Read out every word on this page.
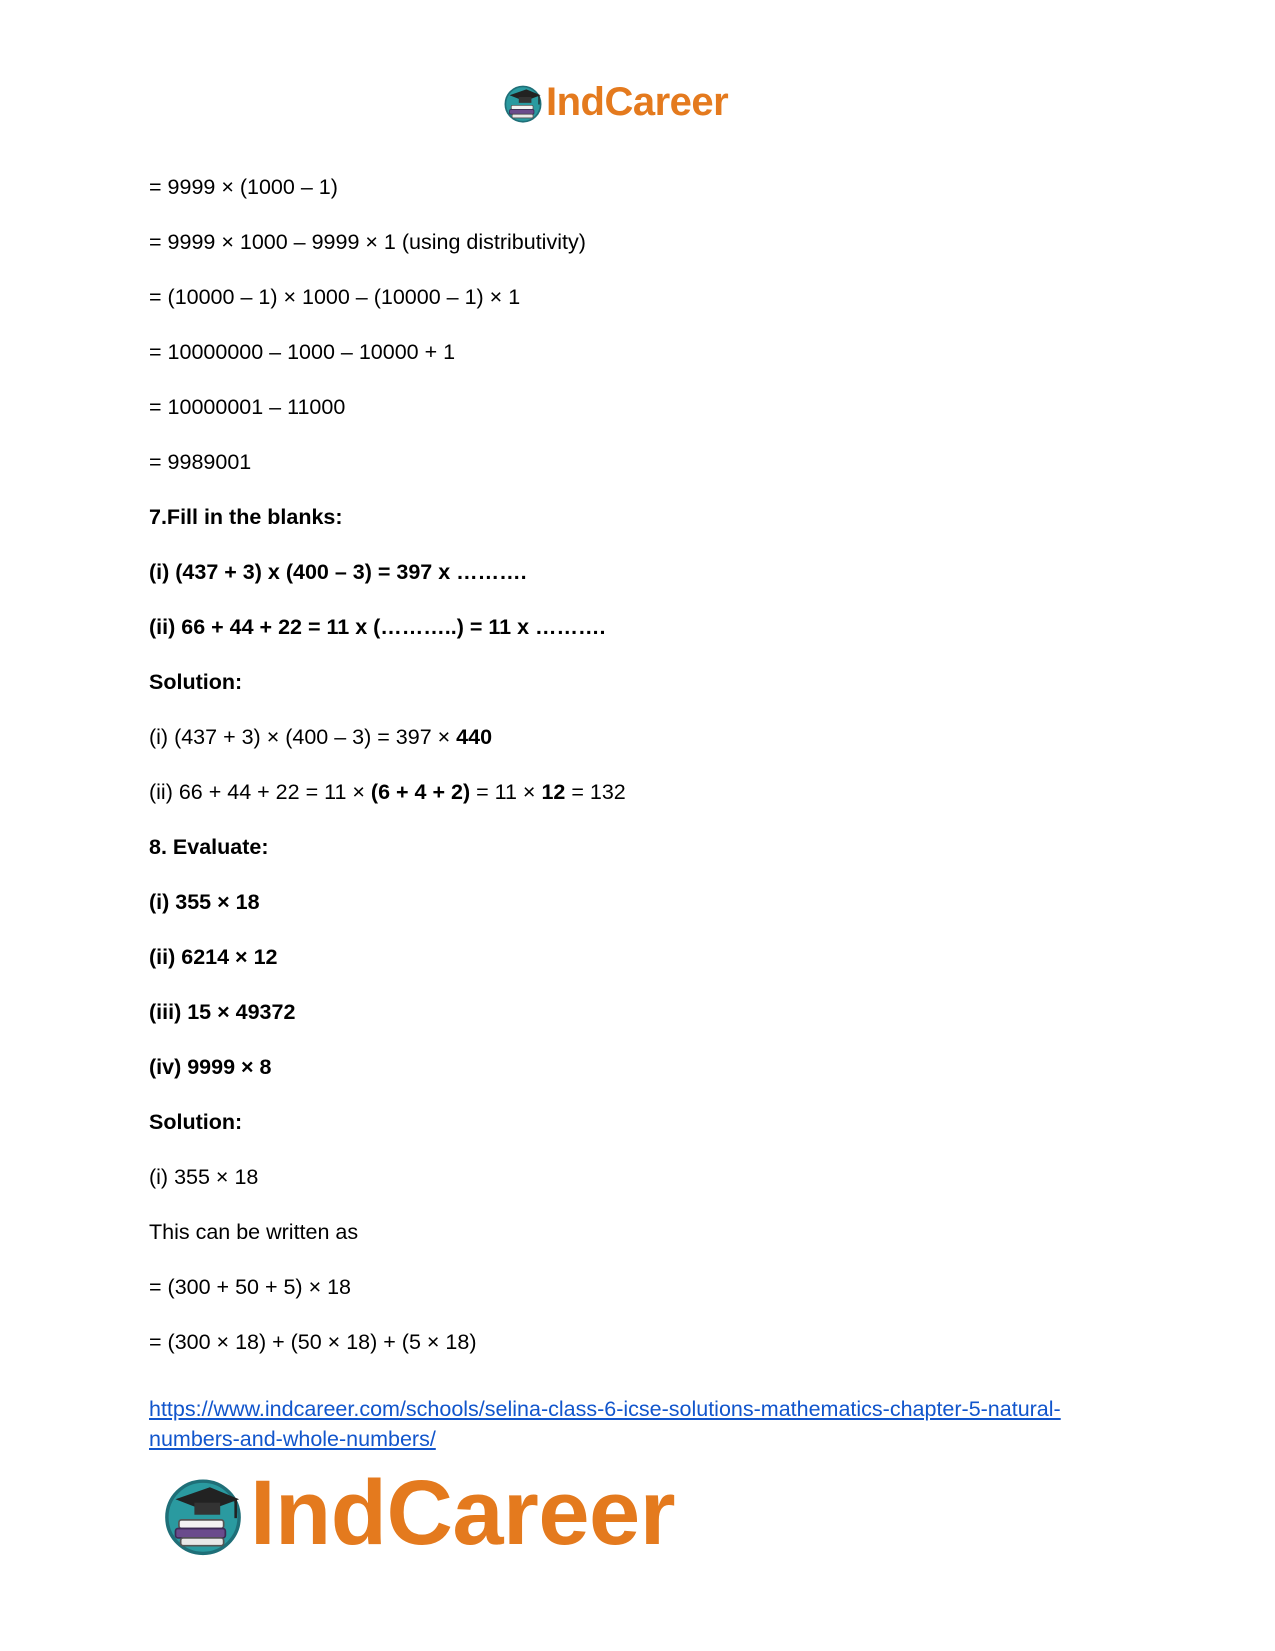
IndCareer
= 9999 × (1000 – 1)
= 9999 × 1000 – 9999 × 1 (using distributivity)
= (10000 – 1) × 1000 – (10000 – 1) × 1
= 10000000 – 1000 – 10000 + 1
= 10000001 – 11000
= 9989001
7.Fill in the blanks:
(i) (437 + 3) x (400 – 3) = 397 x ……….
(ii) 66 + 44 + 22 = 11 x (………..) = 11 x ……….
Solution:
(i) (437 + 3) × (400 – 3) = 397 × 440
(ii) 66 + 44 + 22 = 11 × (6 + 4 + 2) = 11 × 12 = 132
8. Evaluate:
(i) 355 × 18
(ii) 6214 × 12
(iii) 15 × 49372
(iv) 9999 × 8
Solution:
(i) 355 × 18
This can be written as
= (300 + 50 + 5) × 18
= (300 × 18) + (50 × 18) + (5 × 18)
https://www.indcareer.com/schools/selina-class-6-icse-solutions-mathematics-chapter-5-natural-
numbers-and-whole-numbers/
IndCareer
